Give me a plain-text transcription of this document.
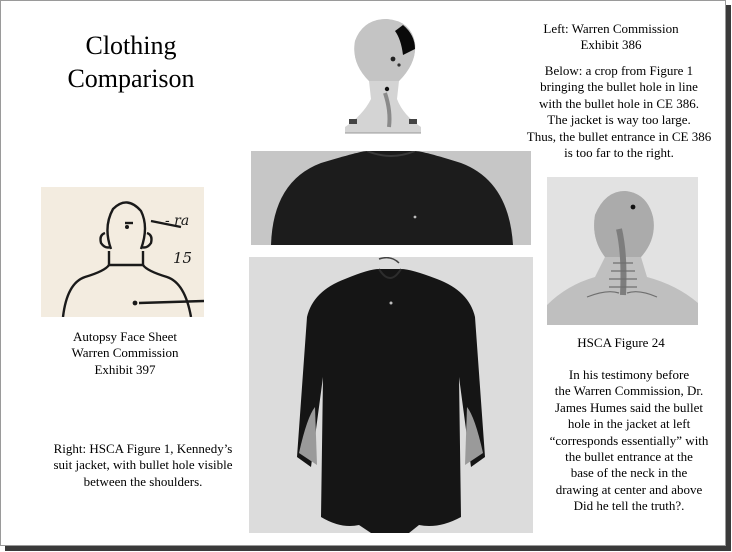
Clothing
Comparison
Left: Warren Commission
Exhibit 386
Below: a crop from Figure 1
bringing the bullet hole in line
with the bullet hole in CE 386.
The jacket is way too large.
Thus, the bullet entrance in CE 386
is too far to the right.
- ra
15
Autopsy Face Sheet
Warren Commission
Exhibit 397
HSCA Figure 24
In his testimony before
the Warren Commission, Dr.
James Humes said the bullet
hole in the jacket at left
“corresponds essentially” with
the bullet entrance at the
base of the neck in the
drawing at center and above
Did he tell the truth?.
Right: HSCA Figure 1, Kennedy’s
suit jacket, with bullet hole visible
between the shoulders.
